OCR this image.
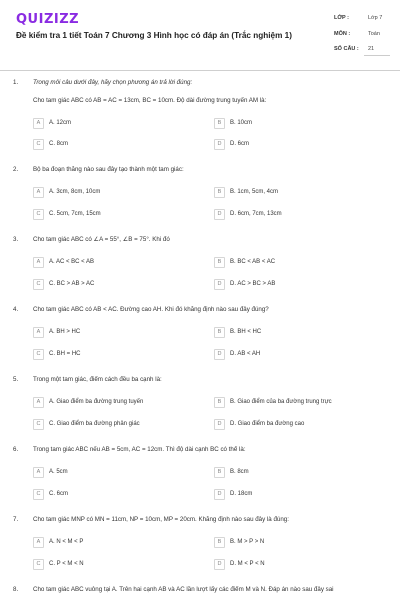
QUIZIZZ
Đề kiểm tra 1 tiết Toán 7 Chương 3 Hình học có đáp án (Trắc nghiệm 1)
LỚP :	Lớp 7
MÔN :	Toán
SỐ CÂU : 21
1. Trong mỗi câu dưới đây, hãy chọn phương án trả lời đúng:
Cho tam giác ABC có AB = AC = 13cm, BC = 10cm. Độ dài đường trung tuyến AM là:
A	A. 12cm	B	B. 10cm
C	C. 8cm	D	D. 6cm
2. Bộ ba đoạn thẳng nào sau đây tạo thành một tam giác:
A	A. 3cm, 8cm, 10cm	B	B. 1cm, 5cm, 4cm
C	C. 5cm, 7cm, 15cm	D	D. 6cm, 7cm, 13cm
3. Cho tam giác ABC có ∠A = 55°, ∠B = 75°. Khi đó
A	A. AC < BC < AB	B	B. BC < AB < AC
C	C. BC > AB > AC	D	D. AC > BC > AB
4. Cho tam giác ABC có AB < AC. Đường cao AH. Khi đó khẳng định nào sau đây đúng?
A	A. BH > HC	B	B. BH < HC
C	C. BH = HC	D	D. AB < AH
5. Trong một tam giác, điểm cách đều ba cạnh là:
A	A. Giao điểm ba đường trung tuyến	B	B. Giao điểm của ba đường trung trực
C	C. Giao điểm ba đường phân giác	D	D. Giao điểm ba đường cao
6. Trong tam giác ABC nếu AB = 5cm, AC = 12cm. Thì độ dài cạnh BC có thể là:
A	A. 5cm	B	B. 8cm
C	C. 6cm	D	D. 18cm
7. Cho tam giác MNP có MN = 11cm, NP = 10cm, MP = 20cm. Khẳng định nào sau đây là đúng:
A	A. N < M < P	B	B. M > P > N
C	C. P < M < N	D	D. M < P < N
8. Cho tam giác ABC vuông tại A. Trên hai cạnh AB và AC lần lượt lấy các điểm M và N. Đáp án nào sau đây sai
